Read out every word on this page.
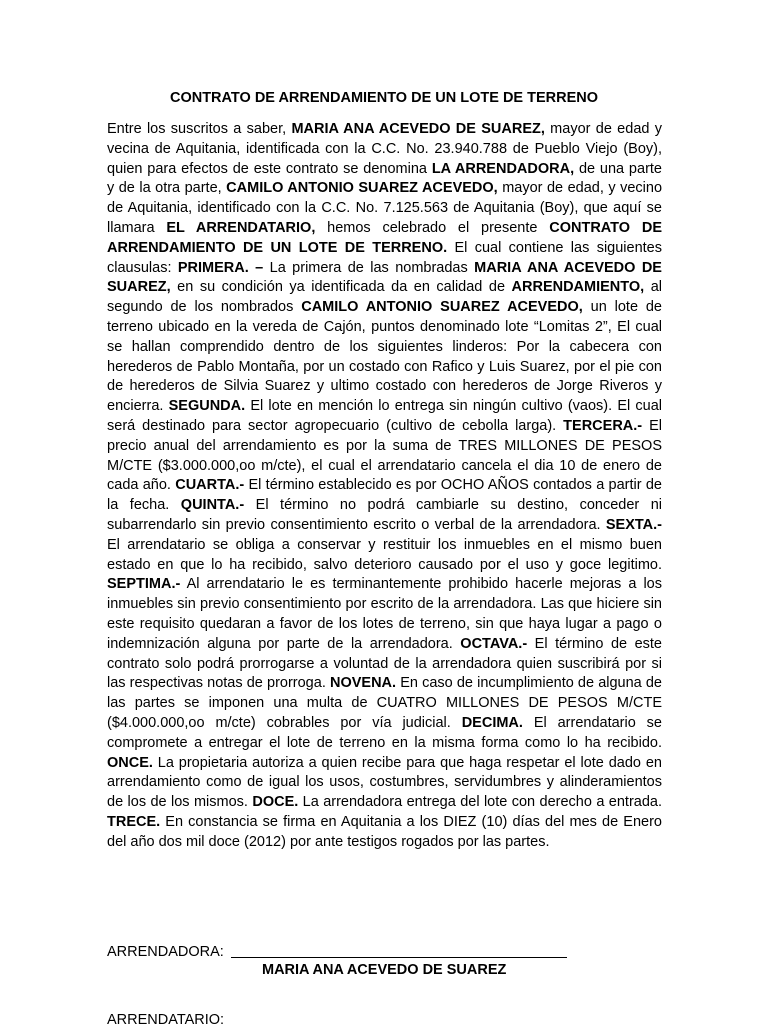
CONTRATO DE ARRENDAMIENTO DE UN LOTE DE TERRENO
Entre los suscritos a saber, MARIA ANA ACEVEDO DE SUAREZ, mayor de edad y vecina de Aquitania, identificada con la C.C. No. 23.940.788 de Pueblo Viejo (Boy), quien para efectos de este contrato se denomina LA ARRENDADORA, de una parte y de la otra parte, CAMILO ANTONIO SUAREZ ACEVEDO, mayor de edad, y vecino de Aquitania, identificado con la C.C. No. 7.125.563 de Aquitania (Boy), que aquí se llamara EL ARRENDATARIO, hemos celebrado el presente CONTRATO DE ARRENDAMIENTO DE UN LOTE DE TERRENO. El cual contiene las siguientes clausulas: PRIMERA. – La primera de las nombradas MARIA ANA ACEVEDO DE SUAREZ, en su condición ya identificada da en calidad de ARRENDAMIENTO, al segundo de los nombrados CAMILO ANTONIO SUAREZ ACEVEDO, un lote de terreno ubicado en la vereda de Cajón, puntos denominado lote “Lomitas 2”, El cual se hallan comprendido dentro de los siguientes linderos: Por la cabecera con herederos de Pablo Montaña, por un costado con Rafico y Luis Suarez, por el pie con de herederos de Silvia Suarez y ultimo costado con herederos de Jorge Riveros y encierra. SEGUNDA. El lote en mención lo entrega sin ningún cultivo (vaos). El cual será destinado para sector agropecuario (cultivo de cebolla larga). TERCERA.- El precio anual del arrendamiento es por la suma de TRES MILLONES DE PESOS M/CTE ($3.000.000,oo m/cte), el cual el arrendatario cancela el dia 10 de enero de cada año. CUARTA.- El término establecido es por OCHO AÑOS contados a partir de la fecha. QUINTA.- El término no podrá cambiarle su destino, conceder ni subarrendarlo sin previo consentimiento escrito o verbal de la arrendadora. SEXTA.-El arrendatario se obliga a conservar y restituir los inmuebles en el mismo buen estado en que lo ha recibido, salvo deterioro causado por el uso y goce legitimo. SEPTIMA.- Al arrendatario le es terminantemente prohibido hacerle mejoras a los inmuebles sin previo consentimiento por escrito de la arrendadora. Las que hiciere sin este requisito quedaran a favor de los lotes de terreno, sin que haya lugar a pago o indemnización alguna por parte de la arrendadora. OCTAVA.- El término de este contrato solo podrá prorrogarse a voluntad de la arrendadora quien suscribirá por si las respectivas notas de prorroga. NOVENA. En caso de incumplimiento de alguna de las partes se imponen una multa de CUATRO MILLONES DE PESOS M/CTE ($4.000.000,oo m/cte) cobrables por vía judicial. DECIMA. El arrendatario se compromete a entregar el lote de terreno en la misma forma como lo ha recibido. ONCE. La propietaria autoriza a quien recibe para que haga respetar el lote dado en arrendamiento como de igual los usos, costumbres, servidumbres y alinderamientos de los de los mismos. DOCE. La arrendadora entrega del lote con derecho a entrada. TRECE. En constancia se firma en Aquitania a los DIEZ (10) días del mes de Enero del año dos mil doce (2012) por ante testigos rogados por las partes.
ARRENDADORA:
MARIA ANA ACEVEDO DE SUAREZ
ARRENDATARIO:
